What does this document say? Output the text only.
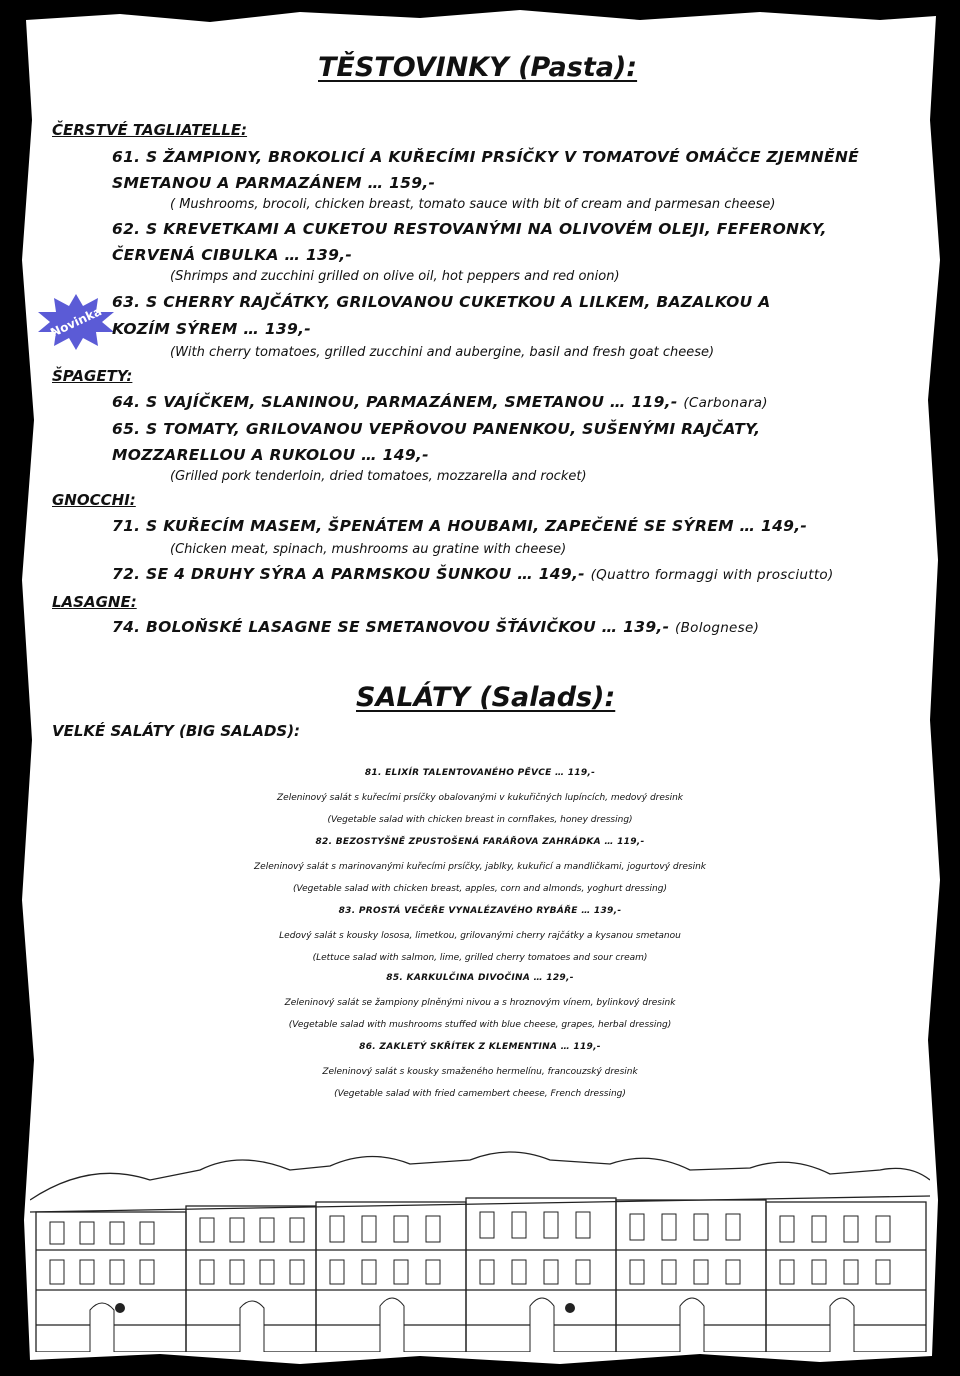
TĚSTOVINKY (Pasta):
ČERSTVÉ TAGLIATELLE:
61. S ŽAMPIONY, BROKOLICÍ A KUŘECÍMI PRSÍČKY V TOMATOVÉ OMÁČCE ZJEMNĚNÉ
SMETANOU A PARMAZÁNEM … 159,-
( Mushrooms, brocoli, chicken breast, tomato sauce with bit of cream and parmesan cheese)
62. S KREVETKAMI A CUKETOU RESTOVANÝMI NA OLIVOVÉM OLEJI, FEFERONKY,
ČERVENÁ CIBULKA … 139,-
(Shrimps and zucchini grilled on olive oil, hot peppers and red onion)
Novinka
63. S CHERRY RAJČÁTKY, GRILOVANOU CUKETKOU A LILKEM, BAZALKOU A
KOZÍM SÝREM … 139,-
(With cherry tomatoes, grilled zucchini and aubergine, basil and fresh goat cheese)
ŠPAGETY:
64. S VAJÍČKEM, SLANINOU, PARMAZÁNEM, SMETANOU … 119,- (Carbonara)
65. S TOMATY, GRILOVANOU VEPŘOVOU PANENKOU, SUŠENÝMI RAJČATY,
MOZZARELLOU A RUKOLOU … 149,-
(Grilled pork tenderloin, dried tomatoes, mozzarella and rocket)
GNOCCHI:
71. S KUŘECÍM MASEM, ŠPENÁTEM A HOUBAMI, ZAPEČENÉ SE SÝREM … 149,-
(Chicken meat, spinach, mushrooms au gratine with cheese)
72. SE 4 DRUHY SÝRA A PARMSKOU ŠUNKOU … 149,- (Quattro formaggi with prosciutto)
LASAGNE:
74. BOLOŇSKÉ LASAGNE SE SMETANOVOU ŠŤÁVIČKOU … 139,- (Bolognese)
SALÁTY (Salads):
VELKÉ SALÁTY (BIG SALADS):
81. ELIXÍR TALENTOVANÉHO PĚVCE … 119,-
Zeleninový salát s kuřecími prsíčky obalovanými v kukuřičných lupíncích, medový dresink
(Vegetable salad with chicken breast in cornflakes, honey dressing)
82. BEZOSTYŠNĚ ZPUSTOŠENÁ FARÁŘOVA ZAHRÁDKA … 119,-
Zeleninový salát s marinovanými kuřecími prsíčky, jablky, kukuřicí a mandličkami, jogurtový dresink
(Vegetable salad with chicken breast, apples, corn and almonds, yoghurt dressing)
83. PROSTÁ VEČEŘE VYNALÉZAVÉHO RYBÁŘE … 139,-
Ledový salát s kousky lososa, limetkou, grilovanými cherry rajčátky a kysanou smetanou
(Lettuce salad with salmon, lime, grilled cherry tomatoes and sour cream)
85. KARKULČINA DIVOČINA … 129,-
Zeleninový salát se žampiony plněnými nivou a s hroznovým vínem, bylinkový dresink
(Vegetable salad with mushrooms stuffed with blue cheese, grapes, herbal dressing)
86. ZAKLETÝ SKŘÍTEK Z KLEMENTINA … 119,-
Zeleninový salát s kousky smaženého hermelínu, francouzský dresink
(Vegetable salad with fried camembert cheese, French dressing)
